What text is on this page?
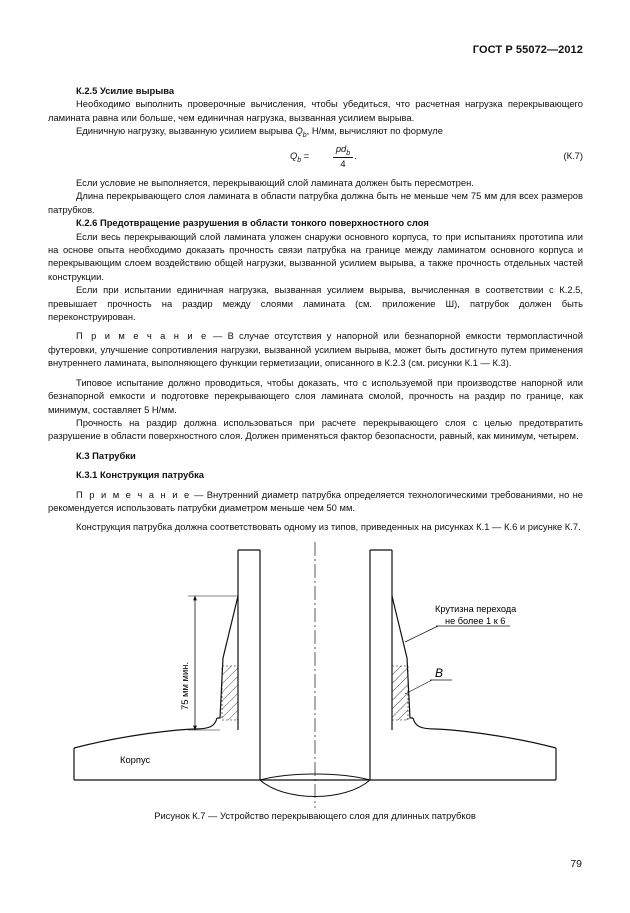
ГОСТ Р 55072—2012

К.2.5 Усилие вырыва

Необходимо выполнить проверочные вычисления, чтобы убедиться, что расчетная нагрузка перекрывающего ламината равна или больше, чем единичная нагрузка, вызванная усилием вырыва.

Единичную нагрузку, вызванную усилием вырыва $Q_b$, Н/мм, вычисляют по формуле

$Q_b$ =
$pd_b$
4
.	(К.7)

Если условие не выполняется, перекрывающий слой ламината должен быть пересмотрен.

Длина перекрывающего слоя ламината в области патрубка должна быть не меньше чем 75 мм для всех размеров патрубков.

К.2.6 Предотвращение разрушения в области тонкого поверхностного слоя

Если весь перекрывающий слой ламината уложен снаружи основного корпуса, то при испытаниях прототипа или на основе опыта необходимо доказать прочность связи патрубка на границе между ламинатом основного корпуса и перекрывающим слоем воздействию общей нагрузки, вызванной усилием вырыва, а также прочность отдельных частей конструкции.

Если при испытании единичная нагрузка, вызванная усилием вырыва, вычисленная в соответствии с К.2.5, превышает прочность на раздир между слоями ламината (см. приложение Ш), патрубок должен быть переконструирован.

П р и м е ч а н и е — В случае отсутствия у напорной или безнапорной емкости термопластичной футеровки, улучшение сопротивления нагрузки, вызванной усилием вырыва, может быть достигнуто путем применения внутреннего ламината, выполняющего функции герметизации, описанного в К.2.3 (см. рисунки К.1 — К.3).

Типовое испытание должно проводиться, чтобы доказать, что с используемой при производстве напорной или безнапорной емкости и подготовке перекрывающего слоя ламината смолой, прочность на раздир по границе, как минимум, составляет 5 Н/мм.

Прочность на раздир должна использоваться при расчете перекрывающего слоя с целью предотвратить разрушение в области поверхностного слоя. Должен применяться фактор безопасности, равный, как минимум, четырем.

К.3 Патрубки

К.3.1 Конструкция патрубка

П р и м е ч а н и е — Внутренний диаметр патрубка определяется технологическими требованиями, но не рекомендуется использовать патрубки диаметром меньше чем 50 мм.

Конструкция патрубка должна соответствовать одному из типов, приведенных на рисунках К.1 — К.6 и рисунке К.7.

75 мм мин.
Крутизна перехода
не более 1 к 6
B
Корпус
Рисунок К.7 — Устройство перекрывающего слоя для длинных патрубков
79
